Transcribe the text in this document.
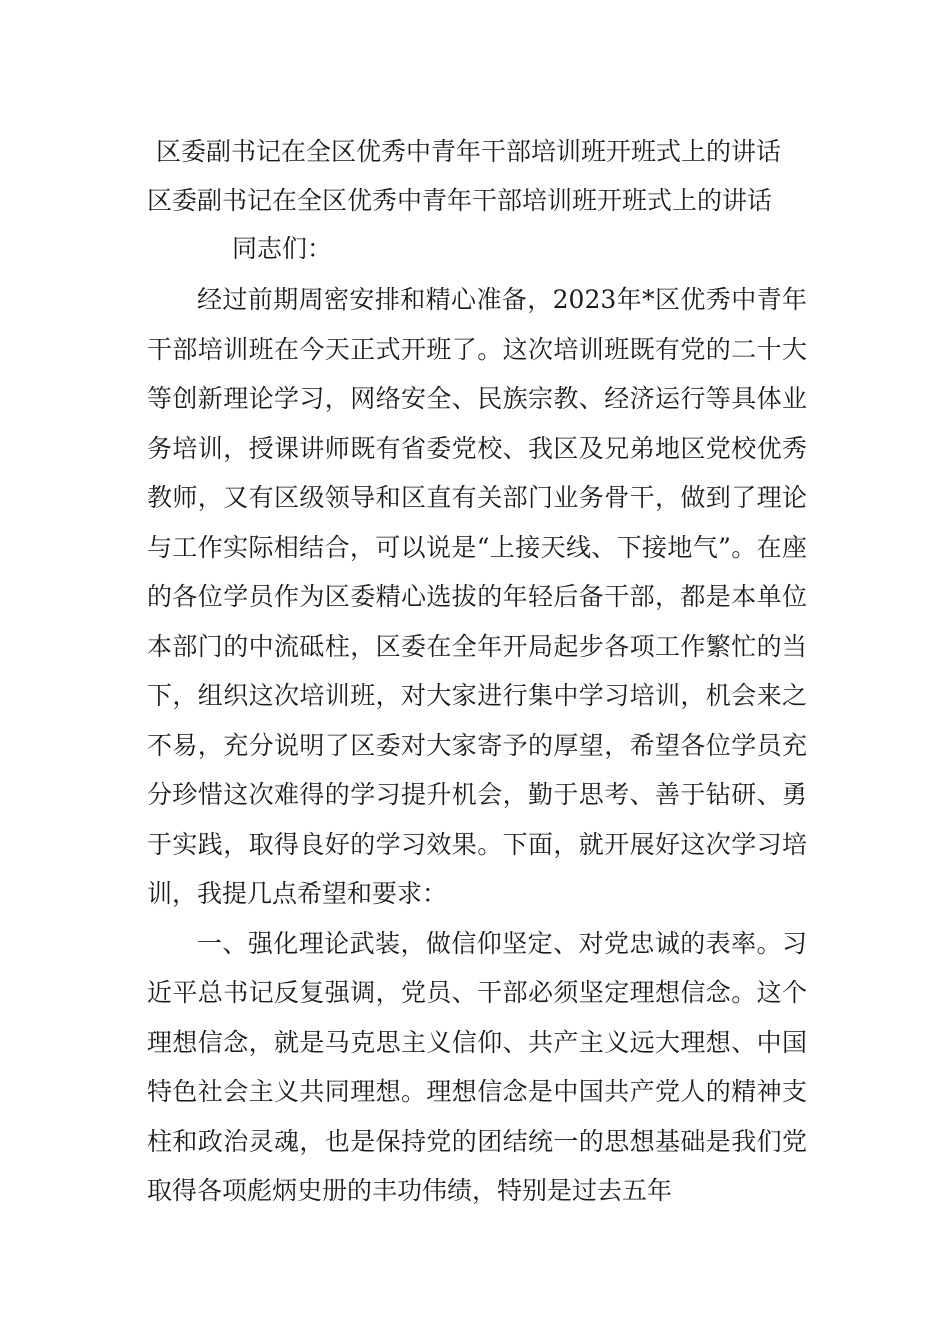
区委副书记在全区优秀中青年干部培训班开班式上的讲话
区委副书记在全区优秀中青年干部培训班开班式上的讲话
同志们：

经过前期周密安排和精心准备，2023年*区优秀中青年干部培训班在今天正式开班了。这次培训班既有党的二十大等创新理论学习，网络安全、民族宗教、经济运行等具体业务培训，授课讲师既有省委党校、我区及兄弟地区党校优秀教师，又有区级领导和区直有关部门业务骨干，做到了理论与工作实际相结合，可以说是“上接天线、下接地气”。在座的各位学员作为区委精心选拔的年轻后备干部，都是本单位本部门的中流砥柱，区委在全年开局起步各项工作繁忙的当下，组织这次培训班，对大家进行集中学习培训，机会来之不易，充分说明了区委对大家寄予的厚望，希望各位学员充分珍惜这次难得的学习提升机会，勤于思考、善于钻研、勇于实践，取得良好的学习效果。下面，就开展好这次学习培训，我提几点希望和要求：

一、强化理论武装，做信仰坚定、对党忠诚的表率。习近平总书记反复强调，党员、干部必须坚定理想信念。这个理想信念，就是马克思主义信仰、共产主义远大理想、中国特色社会主义共同理想。理想信念是中国共产党人的精神支柱和政治灵魂，也是保持党的团结统一的思想基础是我们党取得各项彪炳史册的丰功伟绩，特别是过去五年
